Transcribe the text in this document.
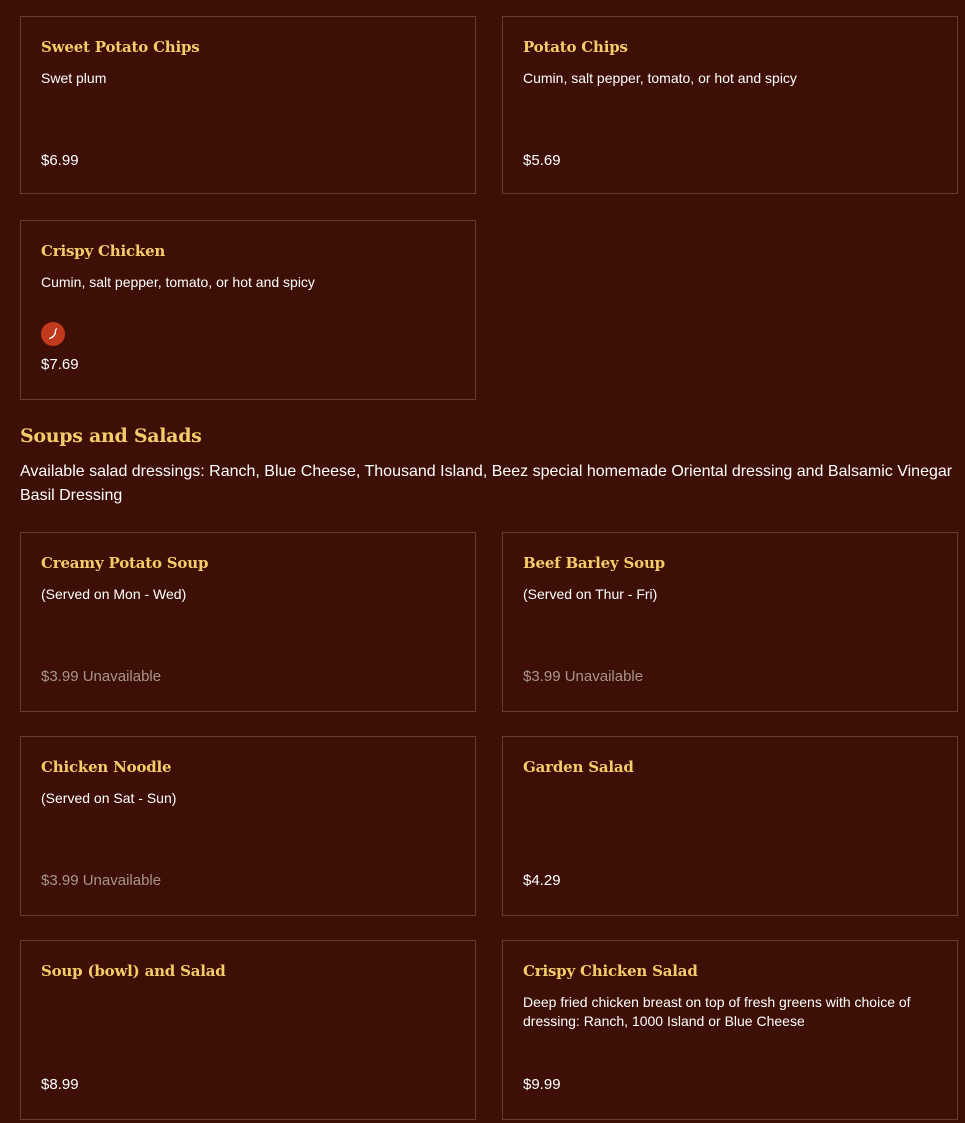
Sweet Potato Chips
Swet plum
$6.99
Potato Chips
Cumin, salt pepper, tomato, or hot and spicy
$5.69
Crispy Chicken
Cumin, salt pepper, tomato, or hot and spicy
$7.69
Soups and Salads
Available salad dressings: Ranch, Blue Cheese, Thousand Island, Beez special homemade Oriental dressing and Balsamic Vinegar Basil Dressing
Creamy Potato Soup
(Served on Mon - Wed)
$3.99 Unavailable
Beef Barley Soup
(Served on Thur - Fri)
$3.99 Unavailable
Chicken Noodle
(Served on Sat - Sun)
$3.99 Unavailable
Garden Salad
$4.29
Soup (bowl) and Salad
$8.99
Crispy Chicken Salad
Deep fried chicken breast on top of fresh greens with choice of dressing: Ranch, 1000 Island or Blue Cheese
$9.99
